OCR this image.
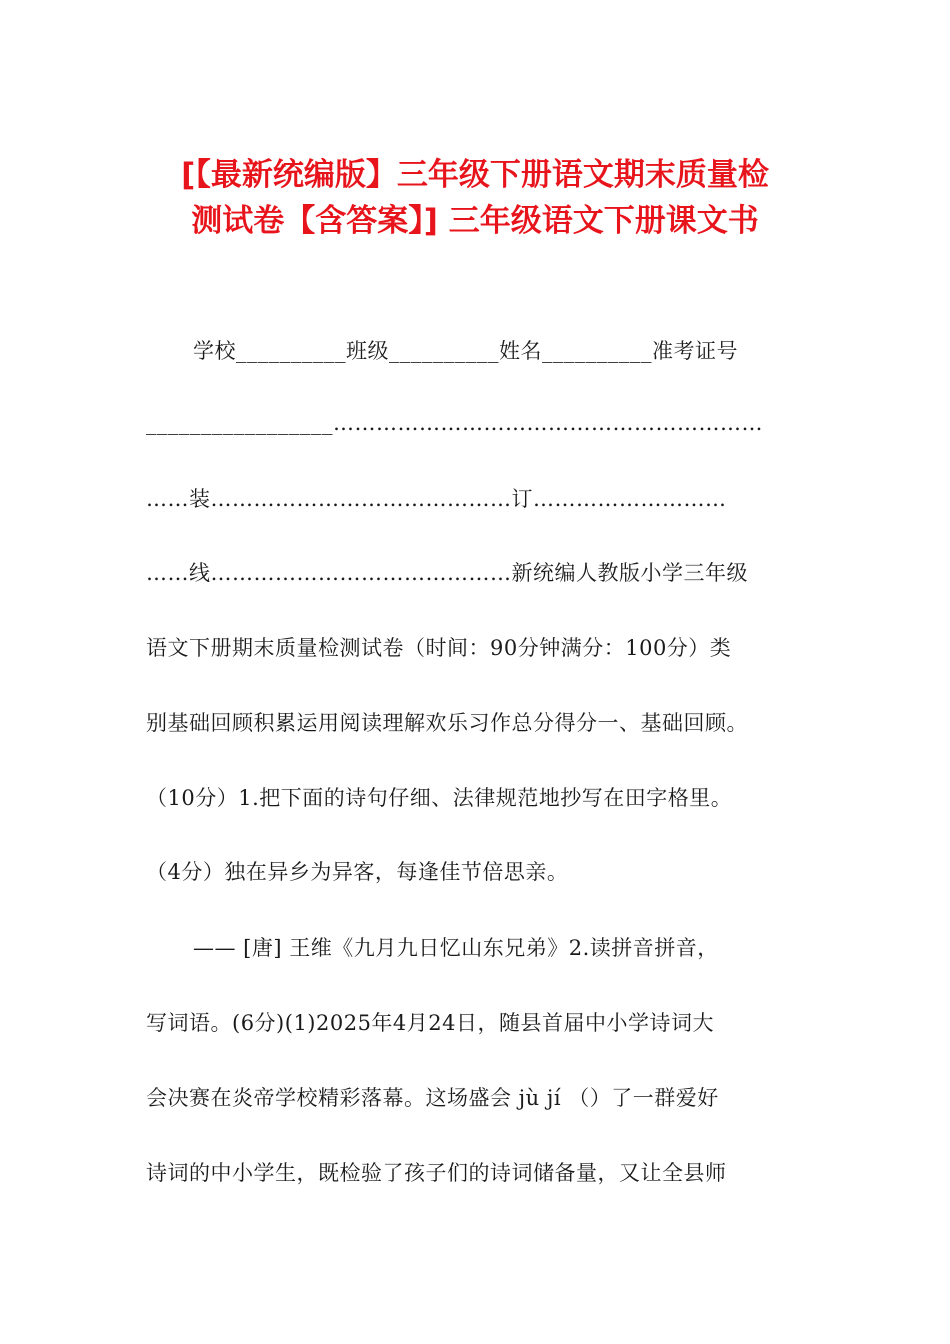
[【最新统编版】三年级下册语文期末质量检
测试卷【含答案】] 三年级语文下册课文书
学校__________班级__________姓名__________准考证号
_________________……………………………………………………
……装……………………………………订………………………
……线……………………………………新统编人教版小学三年级
语文下册期末质量检测试卷（时间：90分钟满分：100分）类
别基础回顾积累运用阅读理解欢乐习作总分得分一、基础回顾。
（10分）1.把下面的诗句仔细、法律规范地抄写在田字格里。
（4分）独在异乡为异客，每逢佳节倍思亲。
—— [唐] 王维《九月九日忆山东兄弟》2.读拼音拼音，
写词语。(6分)(1)2025年4月24日，随县首届中小学诗词大
会决赛在炎帝学校精彩落幕。这场盛会 jù jí （）了一群爱好
诗词的中小学生，既检验了孩子们的诗词储备量，又让全县师
